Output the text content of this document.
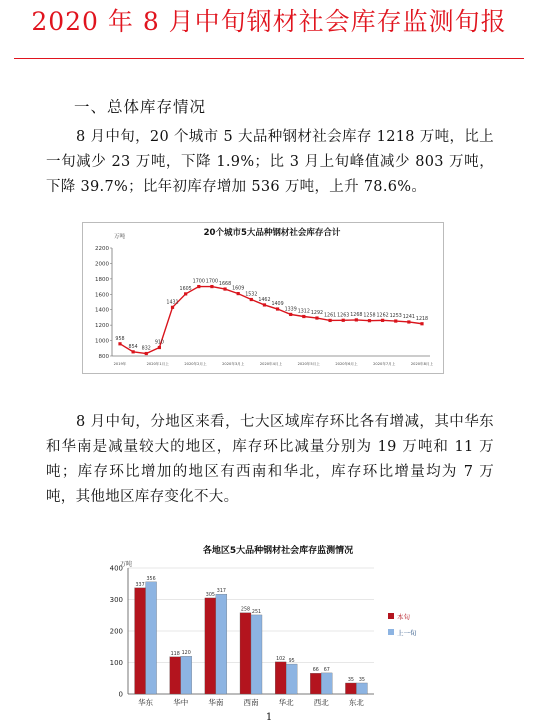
2020 年 8 月中旬钢材社会库存监测旬报
一、总体库存情况
8 月中旬，20 个城市 5 大品种钢材社会库存 1218 万吨，比上一旬减少 23 万吨，下降 1.9%；比 3 月上旬峰值减少 803 万吨，下降 39.7%；比年初库存增加 536 万吨，上升 78.6%。
20个城市5大品种钢材社会库存合计
万吨
800
1000
1200
1400
1600
1800
2000
2200
2019年	2020年1月上	2020年2月上	2020年3月上	2020年4月上	2020年5月上	2020年6月上	2020年7月上	2020年8月上
958
854 832
910
1431
1605
1700 1700 1668
1609
1532
1462
1409
1339 1312 1292 1261 1263 1268 1258 1262 1253 1241 1218
8 月中旬，分地区来看，七大区域库存环比各有增减，其中华东和华南是减量较大的地区，库存环比减量分别为 19 万吨和 11 万吨；库存环比增加的地区有西南和华北，库存环比增量均为 7 万吨，其他地区库存变化不大。
各地区5大品种钢材社会库存监测情况
万吨
0
100
200
300
400
华东	华中	华南	西南	华北	西北	东北
337
356
118 120
305
317
258 251
102 95
66 67
35 35
本旬
上一旬
1
